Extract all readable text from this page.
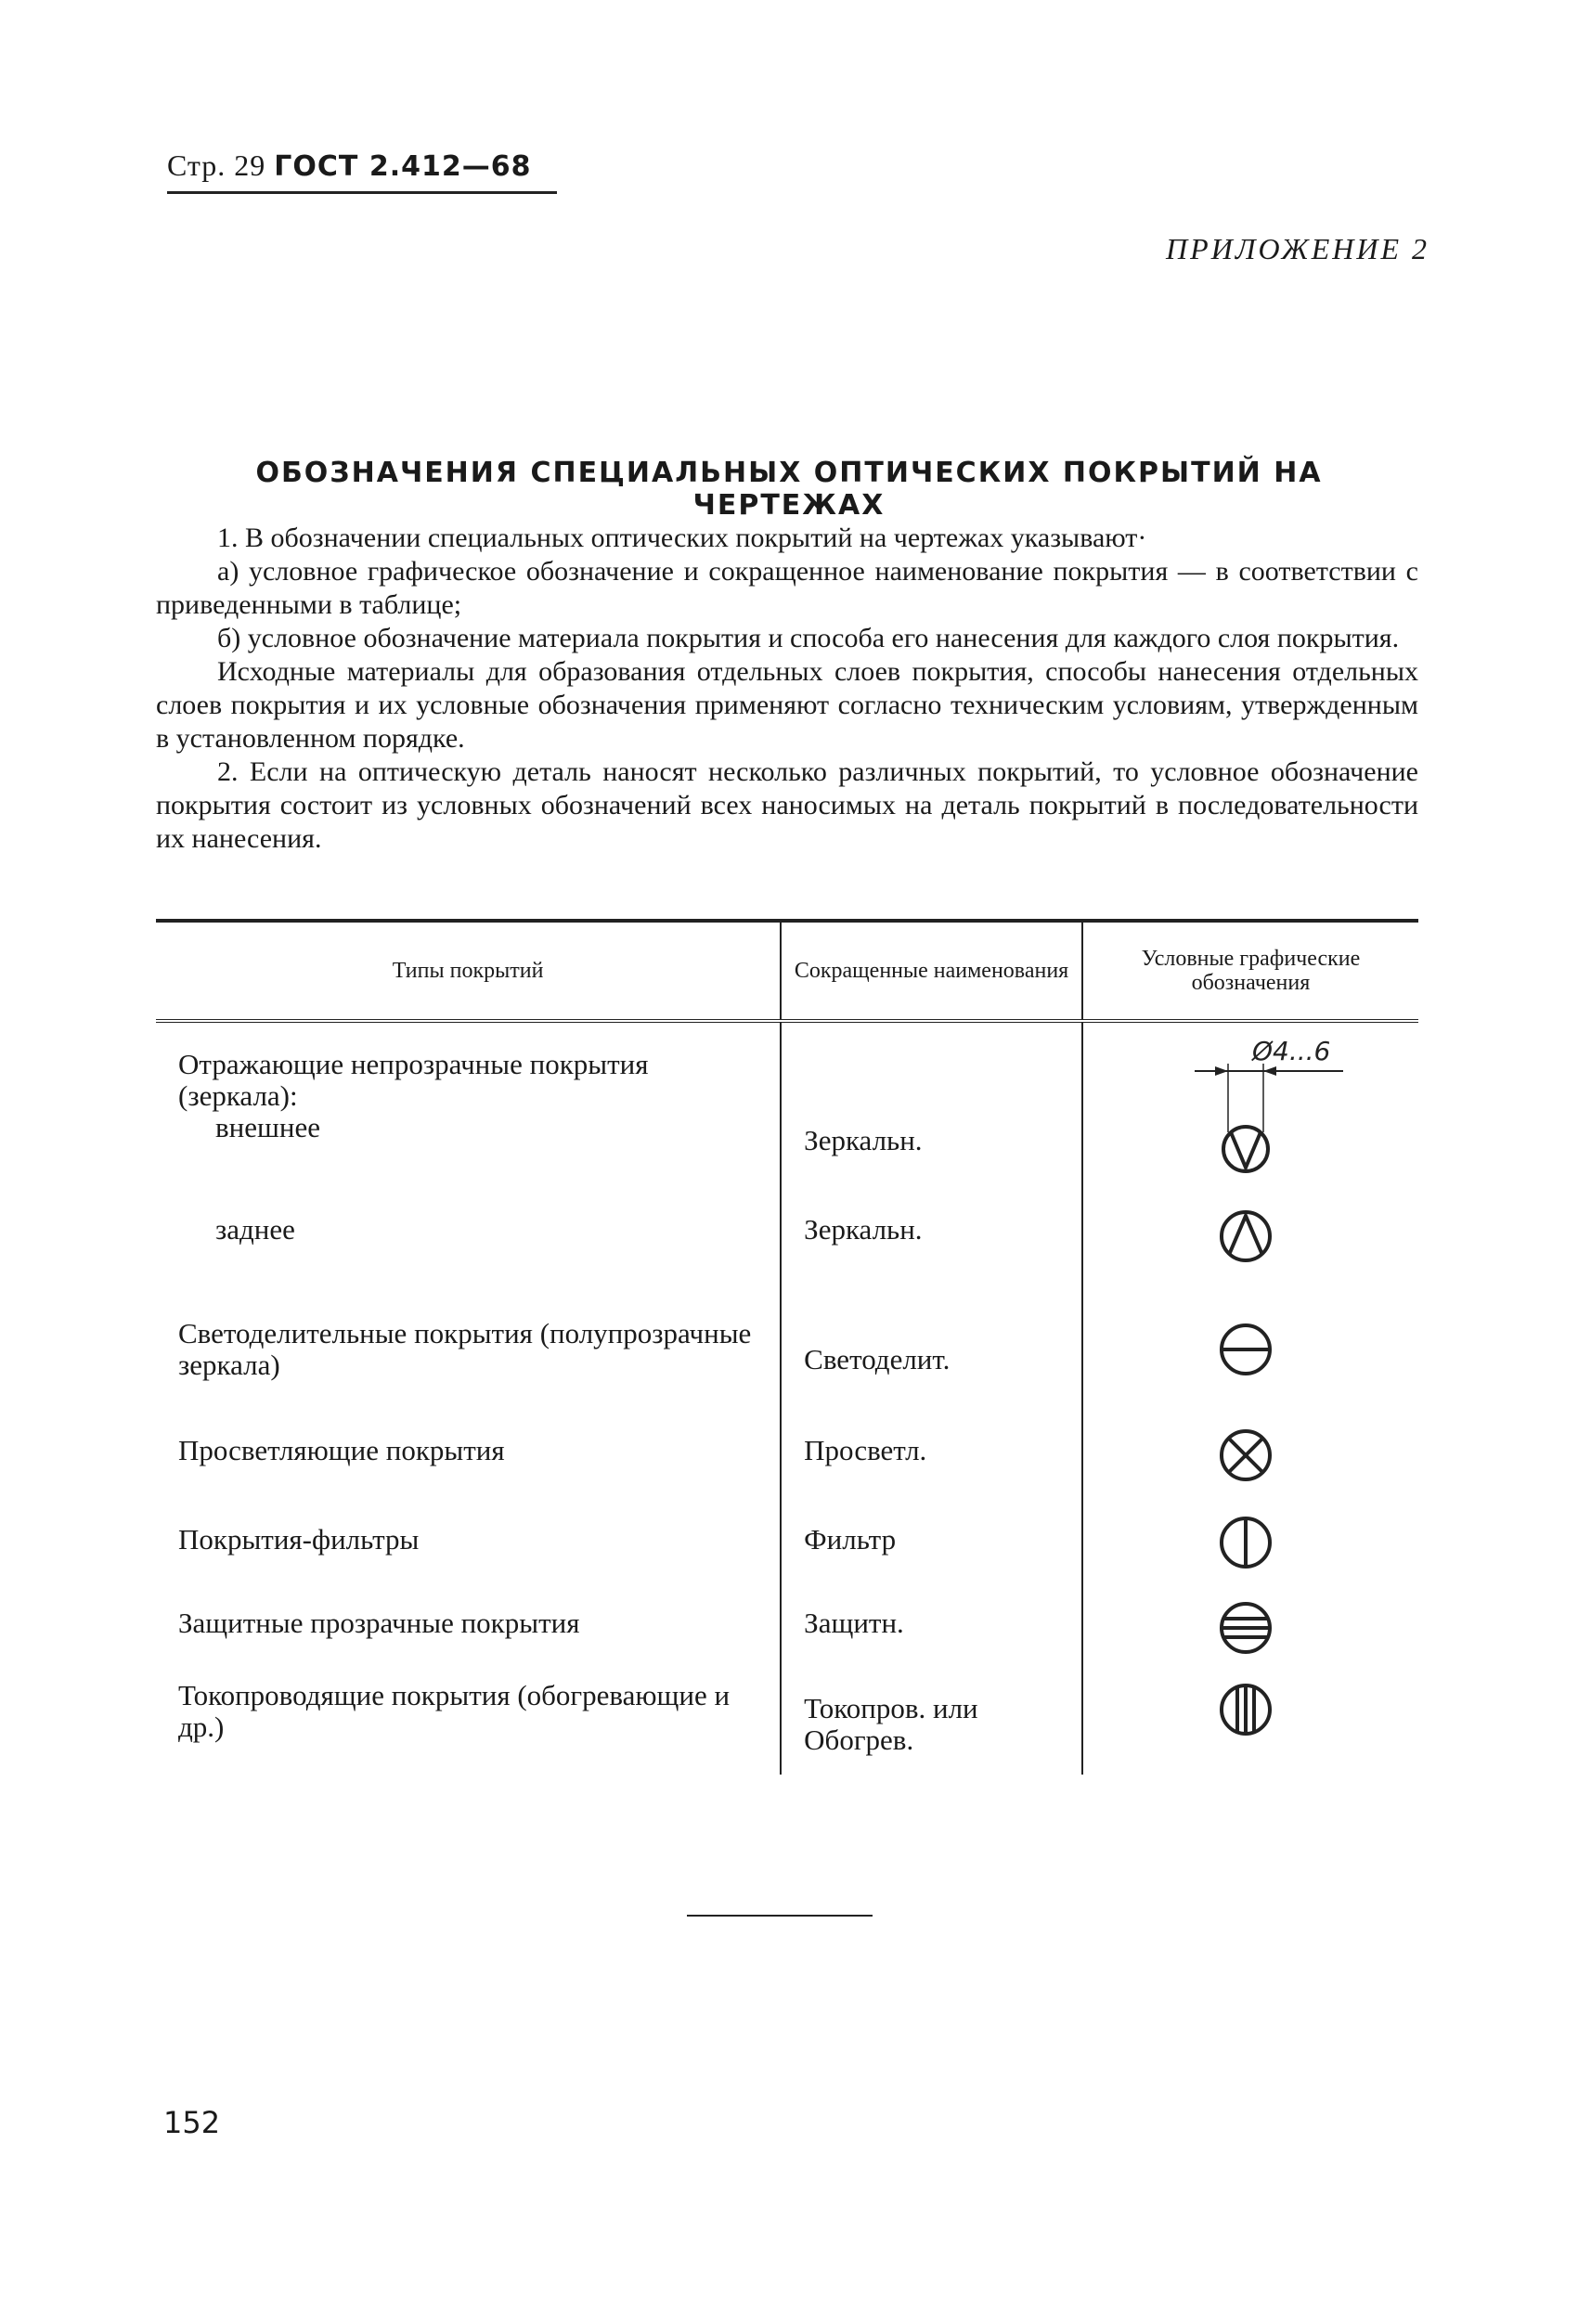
Стр. 29 ГОСТ 2.412—68
ПРИЛОЖЕНИЕ 2
ОБОЗНАЧЕНИЯ СПЕЦИАЛЬНЫХ ОПТИЧЕСКИХ ПОКРЫТИЙ НА ЧЕРТЕЖАХ

1. В обозначении специальных оптических покрытий на чертежах указывают·

а) условное графическое обозначение и сокращенное наименование покрытия — в соответствии с приведенными в таблице;

б) условное обозначение материала покрытия и способа его нанесения для каждого слоя покрытия.

Исходные материалы для образования отдельных слоев покрытия, способы нанесения отдельных слоев покрытия и их условные обозначения применяют согласно техническим условиям, утвержденным в установленном порядке.

2. Если на оптическую деталь наносят несколько различных покрытий, то условное обозначение покрытия состоит из условных обозначений всех наносимых на деталь покрытий в последовательности их нанесения.

Типы покрытий	Сокращенные наименования	Условные графические обозначения

Отражающие непрозрачные покрытия (зеркала):
внешнее	Зеркальн.	Ø4...6

заднее	Зеркальн.

Светоделительные покрытия (полупрозрачные зеркала)	Светоделит.

Просветляющие покрытия	Просветл.

Покрытия-фильтры	Фильтр

Защитные прозрачные покрытия	Защитн.

Токопроводящие покрытия (обогревающие и др.)	Токопров. или Обогрев.

152
